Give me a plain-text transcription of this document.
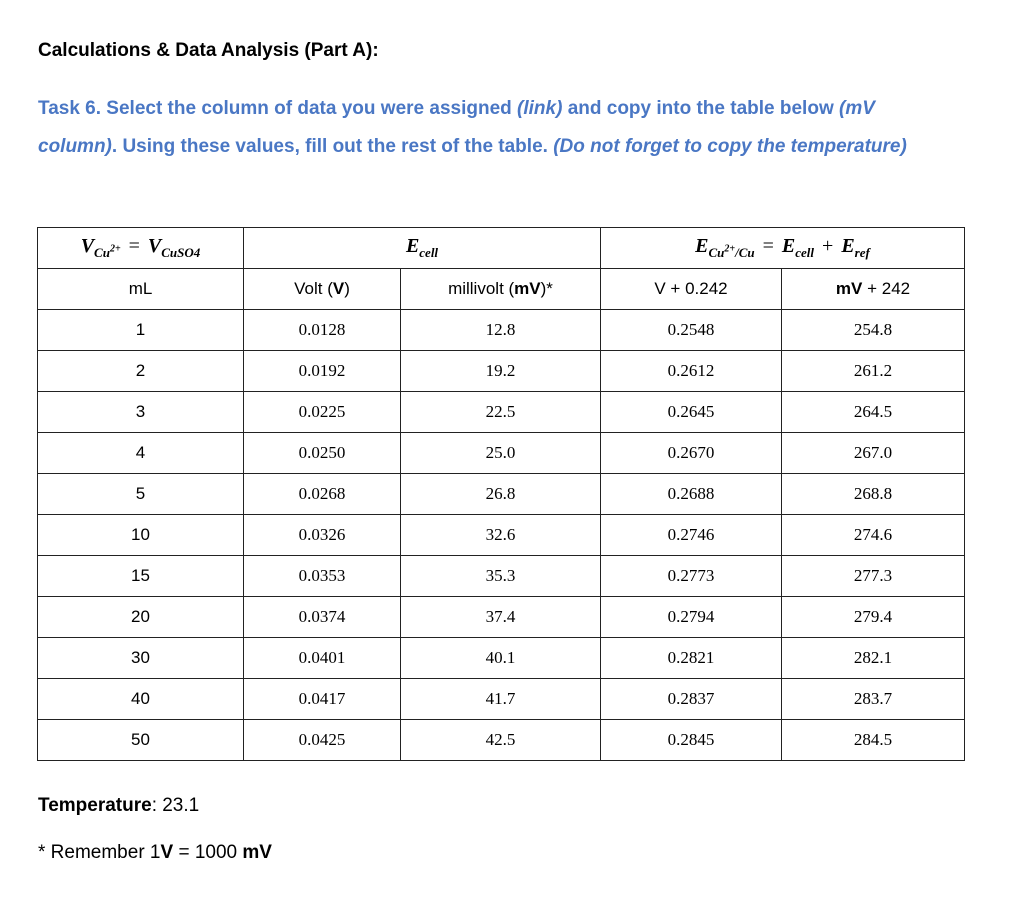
Calculations & Data Analysis (Part A):
Task 6. Select the column of data you were assigned (link) and copy into the table below (mV column). Using these values, fill out the rest of the table. (Do not forget to copy the temperature)
$V_{Cu^{2+}} = V_{CuSO4}$	$E_{cell}$		$E_{Cu^{2+}/Cu} = E_{cell} + E_{ref}$
mL	Volt (V)	millivolt (mV)*	V + 0.242	mV + 242
1	0.0128	12.8	0.2548	254.8
2	0.0192	19.2	0.2612	261.2
3	0.0225	22.5	0.2645	264.5
4	0.0250	25.0	0.2670	267.0
5	0.0268	26.8	0.2688	268.8
10	0.0326	32.6	0.2746	274.6
15	0.0353	35.3	0.2773	277.3
20	0.0374	37.4	0.2794	279.4
30	0.0401	40.1	0.2821	282.1
40	0.0417	41.7	0.2837	283.7
50	0.0425	42.5	0.2845	284.5
Temperature: 23.1
* Remember 1V = 1000 mV
